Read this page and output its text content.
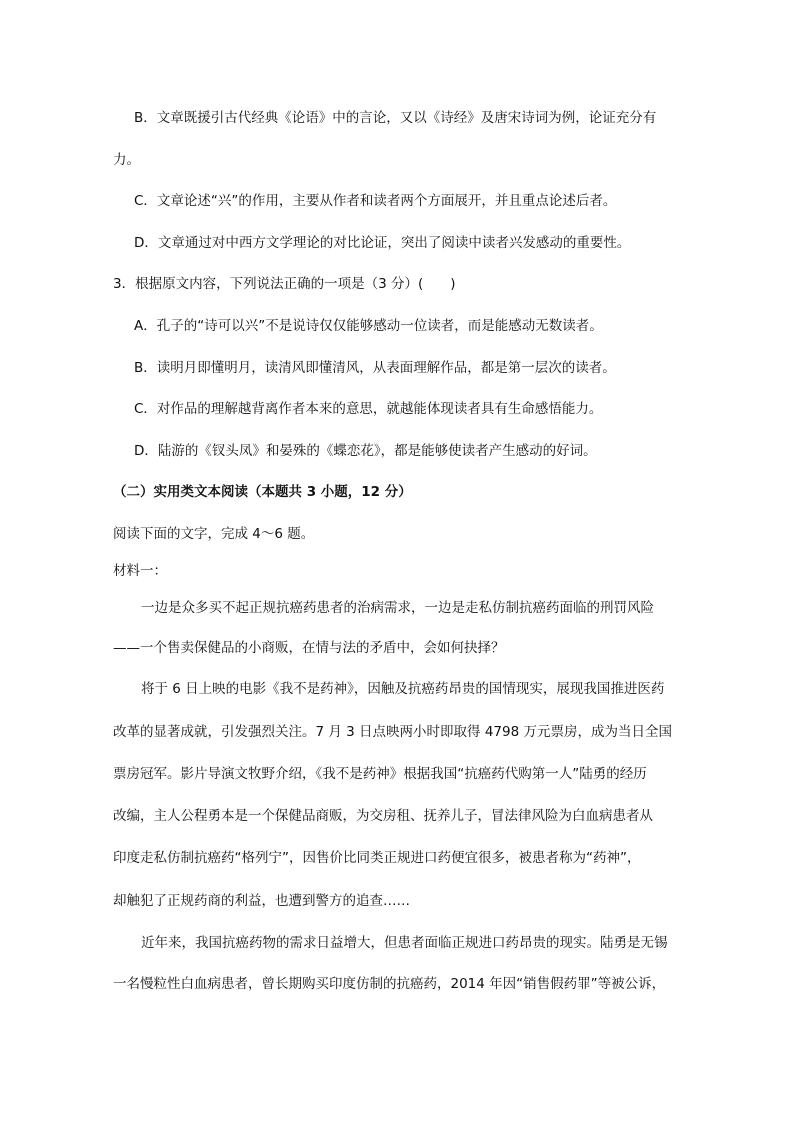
B．文章既援引古代经典《论语》中的言论，又以《诗经》及唐宋诗词为例，论证充分有
力。
C．文章论述“兴”的作用，主要从作者和读者两个方面展开，并且重点论述后者。
D．文章通过对中西方文学理论的对比论证，突出了阅读中读者兴发感动的重要性。
3．根据原文内容，下列说法正确的一项是（3 分）(　　)
A．孔子的“诗可以兴”不是说诗仅仅能够感动一位读者，而是能感动无数读者。
B．读明月即懂明月，读清风即懂清风，从表面理解作品，都是第一层次的读者。
C．对作品的理解越背离作者本来的意思，就越能体现读者具有生命感悟能力。
D．陆游的《钗头凤》和晏殊的《蝶恋花》，都是能够使读者产生感动的好词。
（二）实用类文本阅读（本题共 3 小题，12 分）
阅读下面的文字，完成 4～6 题。
材料一：
一边是众多买不起正规抗癌药患者的治病需求，一边是走私仿制抗癌药面临的刑罚风险
——一个售卖保健品的小商贩，在情与法的矛盾中，会如何抉择？
将于 6 日上映的电影《我不是药神》，因触及抗癌药昂贵的国情现实，展现我国推进医药
改革的显著成就，引发强烈关注。7 月 3 日点映两小时即取得 4798 万元票房，成为当日全国
票房冠军。影片导演文牧野介绍，《我不是药神》根据我国“抗癌药代购第一人”陆勇的经历
改编，主人公程勇本是一个保健品商贩，为交房租、抚养儿子，冒法律风险为白血病患者从
印度走私仿制抗癌药“格列宁”，因售价比同类正规进口药便宜很多，被患者称为“药神”，
却触犯了正规药商的利益，也遭到警方的追查……
近年来，我国抗癌药物的需求日益增大，但患者面临正规进口药昂贵的现实。陆勇是无锡
一名慢粒性白血病患者，曾长期购买印度仿制的抗癌药，2014 年因“销售假药罪”等被公诉，
